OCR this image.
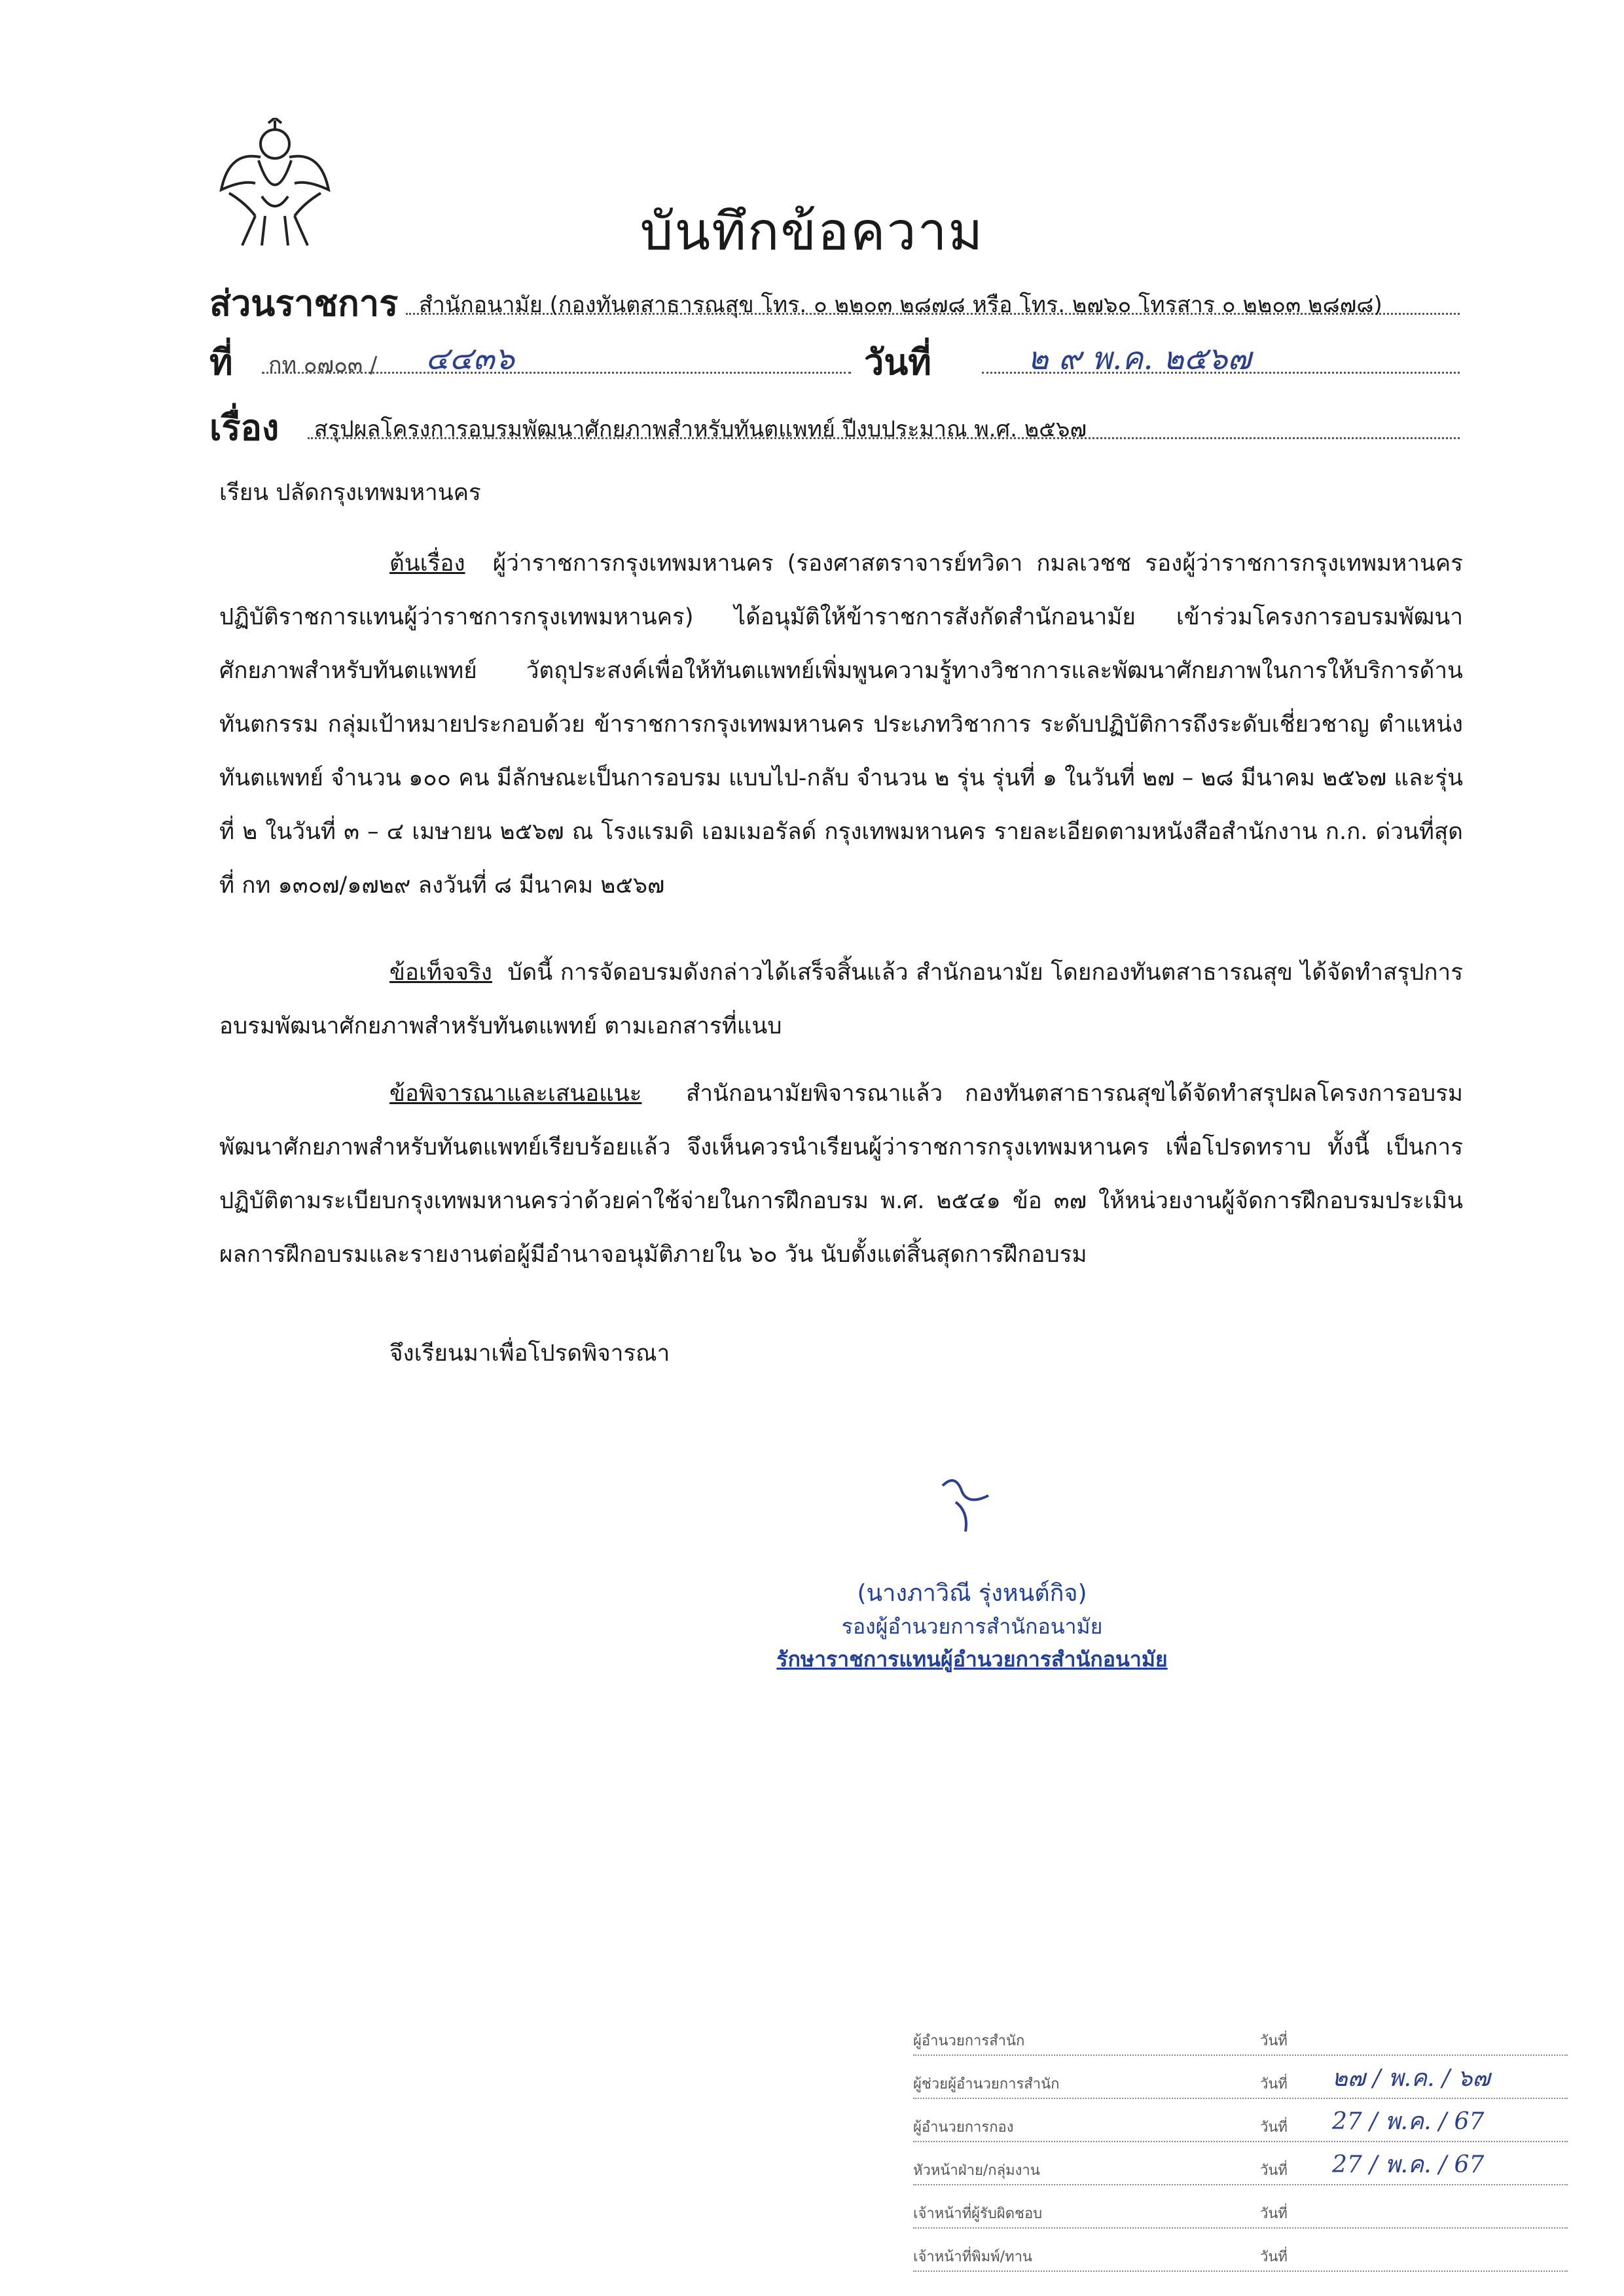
บันทึกข้อความ
ส่วนราชการ สำนักอนามัย (กองทันตสาธารณสุข โทร. ๐ ๒๒๐๓ ๒๘๗๘ หรือ โทร. ๒๗๖๐ โทรสาร ๐ ๒๒๐๓ ๒๘๗๘)
ที่ กท ๐๗๐๓ / ๔๔๓๖	วันที่	๒ ๙ พ.ค. ๒๕๖๗
เรื่อง สรุปผลโครงการอบรมพัฒนาศักยภาพสำหรับทันตแพทย์ ปีงบประมาณ พ.ศ. ๒๕๖๗
เรียน ปลัดกรุงเทพมหานคร
ต้นเรื่อง ผู้ว่าราชการกรุงเทพมหานคร (รองศาสตราจารย์ทวิดา กมลเวชช รองผู้ว่าราชการกรุงเทพมหานคร ปฏิบัติราชการแทนผู้ว่าราชการกรุงเทพมหานคร) ได้อนุมัติให้ข้าราชการสังกัดสำนักอนามัย เข้าร่วมโครงการอบรมพัฒนาศักยภาพสำหรับทันตแพทย์ วัตถุประสงค์เพื่อให้ทันตแพทย์เพิ่มพูนความรู้ทางวิชาการและพัฒนาศักยภาพในการให้บริการด้านทันตกรรม กลุ่มเป้าหมายประกอบด้วย ข้าราชการกรุงเทพมหานคร ประเภทวิชาการ ระดับปฏิบัติการถึงระดับเชี่ยวชาญ ตำแหน่งทันตแพทย์ จำนวน ๑๐๐ คน มีลักษณะเป็นการอบรม แบบไป-กลับ จำนวน ๒ รุ่น รุ่นที่ ๑ ในวันที่ ๒๗ – ๒๘ มีนาคม ๒๕๖๗ และรุ่นที่ ๒ ในวันที่ ๓ – ๔ เมษายน ๒๕๖๗ ณ โรงแรมดิ เอมเมอรัลด์ กรุงเทพมหานคร รายละเอียดตามหนังสือสำนักงาน ก.ก. ด่วนที่สุด ที่ กท ๑๓๐๗/๑๗๒๙ ลงวันที่ ๘ มีนาคม ๒๕๖๗
ข้อเท็จจริง บัดนี้ การจัดอบรมดังกล่าวได้เสร็จสิ้นแล้ว สำนักอนามัย โดยกองทันตสาธารณสุข ได้จัดทำสรุปการอบรมพัฒนาศักยภาพสำหรับทันตแพทย์ ตามเอกสารที่แนบ
ข้อพิจารณาและเสนอแนะ สำนักอนามัยพิจารณาแล้ว กองทันตสาธารณสุขได้จัดทำสรุปผลโครงการอบรมพัฒนาศักยภาพสำหรับทันตแพทย์เรียบร้อยแล้ว จึงเห็นควรนำเรียนผู้ว่าราชการกรุงเทพมหานคร เพื่อโปรดทราบ ทั้งนี้ เป็นการปฏิบัติตามระเบียบกรุงเทพมหานครว่าด้วยค่าใช้จ่ายในการฝึกอบรม พ.ศ. ๒๕๔๑ ข้อ ๓๗ ให้หน่วยงานผู้จัดการฝึกอบรมประเมินผลการฝึกอบรมและรายงานต่อผู้มีอำนาจอนุมัติภายใน ๖๐ วัน นับตั้งแต่สิ้นสุดการฝึกอบรม
จึงเรียนมาเพื่อโปรดพิจารณา
(นางภาวิณี รุ่งหนต์กิจ)
รองผู้อำนวยการสำนักอนามัย
รักษาราชการแทนผู้อำนวยการสำนักอนามัย
ผู้อำนวยการสำนัก	วันที่
ผู้ช่วยผู้อำนวยการสำนัก	วันที่ ๒๗ / พ.ค. / ๖๗
ผู้อำนวยการกอง	วันที่ 27 / พ.ค. / 67
หัวหน้าฝ่าย/กลุ่มงาน	วันที่ 27 / พ.ค. / 67
เจ้าหน้าที่ผู้รับผิดชอบ	วันที่
เจ้าหน้าที่พิมพ์/ทาน	วันที่
